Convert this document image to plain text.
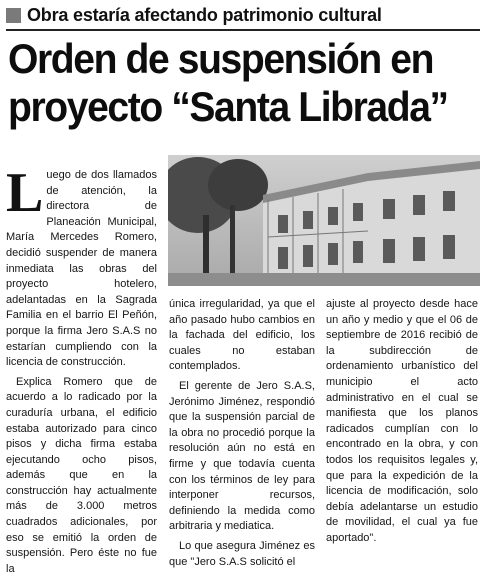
Obra estaría afectando patrimonio cultural
Orden de suspensión en
proyecto “Santa Librada”

Luego de dos llamados de atención, la directora de Planeación Municipal, María Mercedes Romero, decidió suspender de manera inmediata las obras del proyecto hotelero, adelantadas en la Sagrada Familia en el barrio El Peñón, porque la firma Jero S.A.S no estarían cumpliendo con la licencia de construcción.

Explica Romero que de acuerdo a lo radicado por la curaduría urbana, el edificio estaba autorizado para cinco pisos y dicha firma estaba ejecutando ocho pisos, además que en la construcción hay actualmente más de 3.000 metros cuadrados adicionales, por eso se emitió la orden de suspensión. Pero éste no fue la

única irregularidad, ya que el año pasado hubo cambios en la fachada del edificio, los cuales no estaban contemplados.

El gerente de Jero S.A.S, Jerónimo Jiménez, respondió que la suspensión parcial de la obra no procedió porque la resolución aún no está en firme y que todavía cuenta con los términos de ley para interponer recursos, definiendo la medida como arbitraria y mediatica.

Lo que asegura Jiménez es que "Jero S.A.S solicitó el

ajuste al proyecto desde hace un año y medio y que el 06 de septiembre de 2016 recibió de la subdirección de ordenamiento urbanístico del municipio el acto administrativo en el cual se manifiesta que los planos radicados cumplían con lo encontrado en la obra, y con todos los requisitos legales y, que para la expedición de la licencia de modificación, solo debía adelantarse un estudio de movilidad, el cual ya fue aportado".
